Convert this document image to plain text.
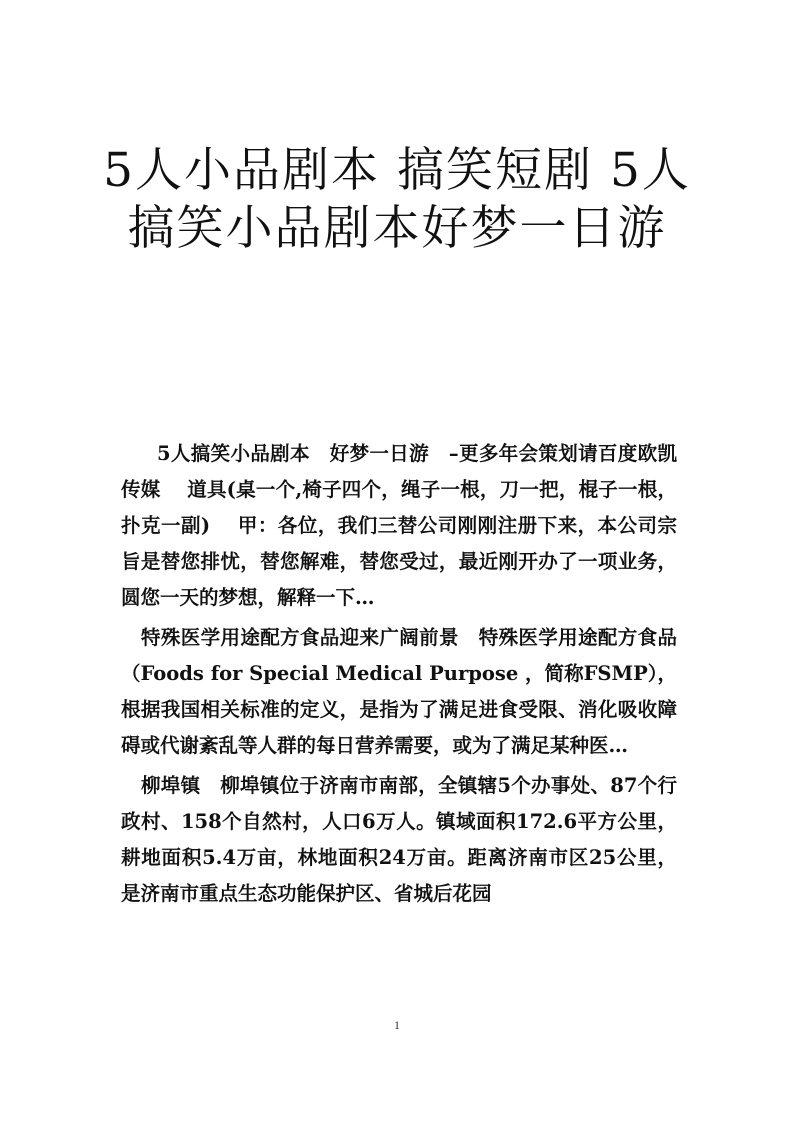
5人小品剧本 搞笑短剧 5人搞笑小品剧本好梦一日游

5人搞笑小品剧本　好梦一日游　–更多年会策划请百度欧凯传媒　 道具(桌一个,椅子四个，绳子一根，刀一把，棍子一根，扑克一副)　 甲：各位，我们三替公司刚刚注册下来，本公司宗旨是替您排忧，替您解难，替您受过，最近刚开办了一项业务，圆您一天的梦想，解释一下…

特殊医学用途配方食品迎来广阔前景　特殊医学用途配方食品（Foods for Special Medical Purpose ，简称FSMP），根据我国相关标准的定义，是指为了满足进食受限、消化吸收障碍或代谢紊乱等人群的每日营养需要，或为了满足某种医…

柳埠镇　柳埠镇位于济南市南部，全镇辖5个办事处、87个行政村、158个自然村，人口6万人。镇域面积172.6平方公里，耕地面积5.4万亩，林地面积24万亩。距离济南市区25公里，是济南市重点生态功能保护区、省城后花园

1
